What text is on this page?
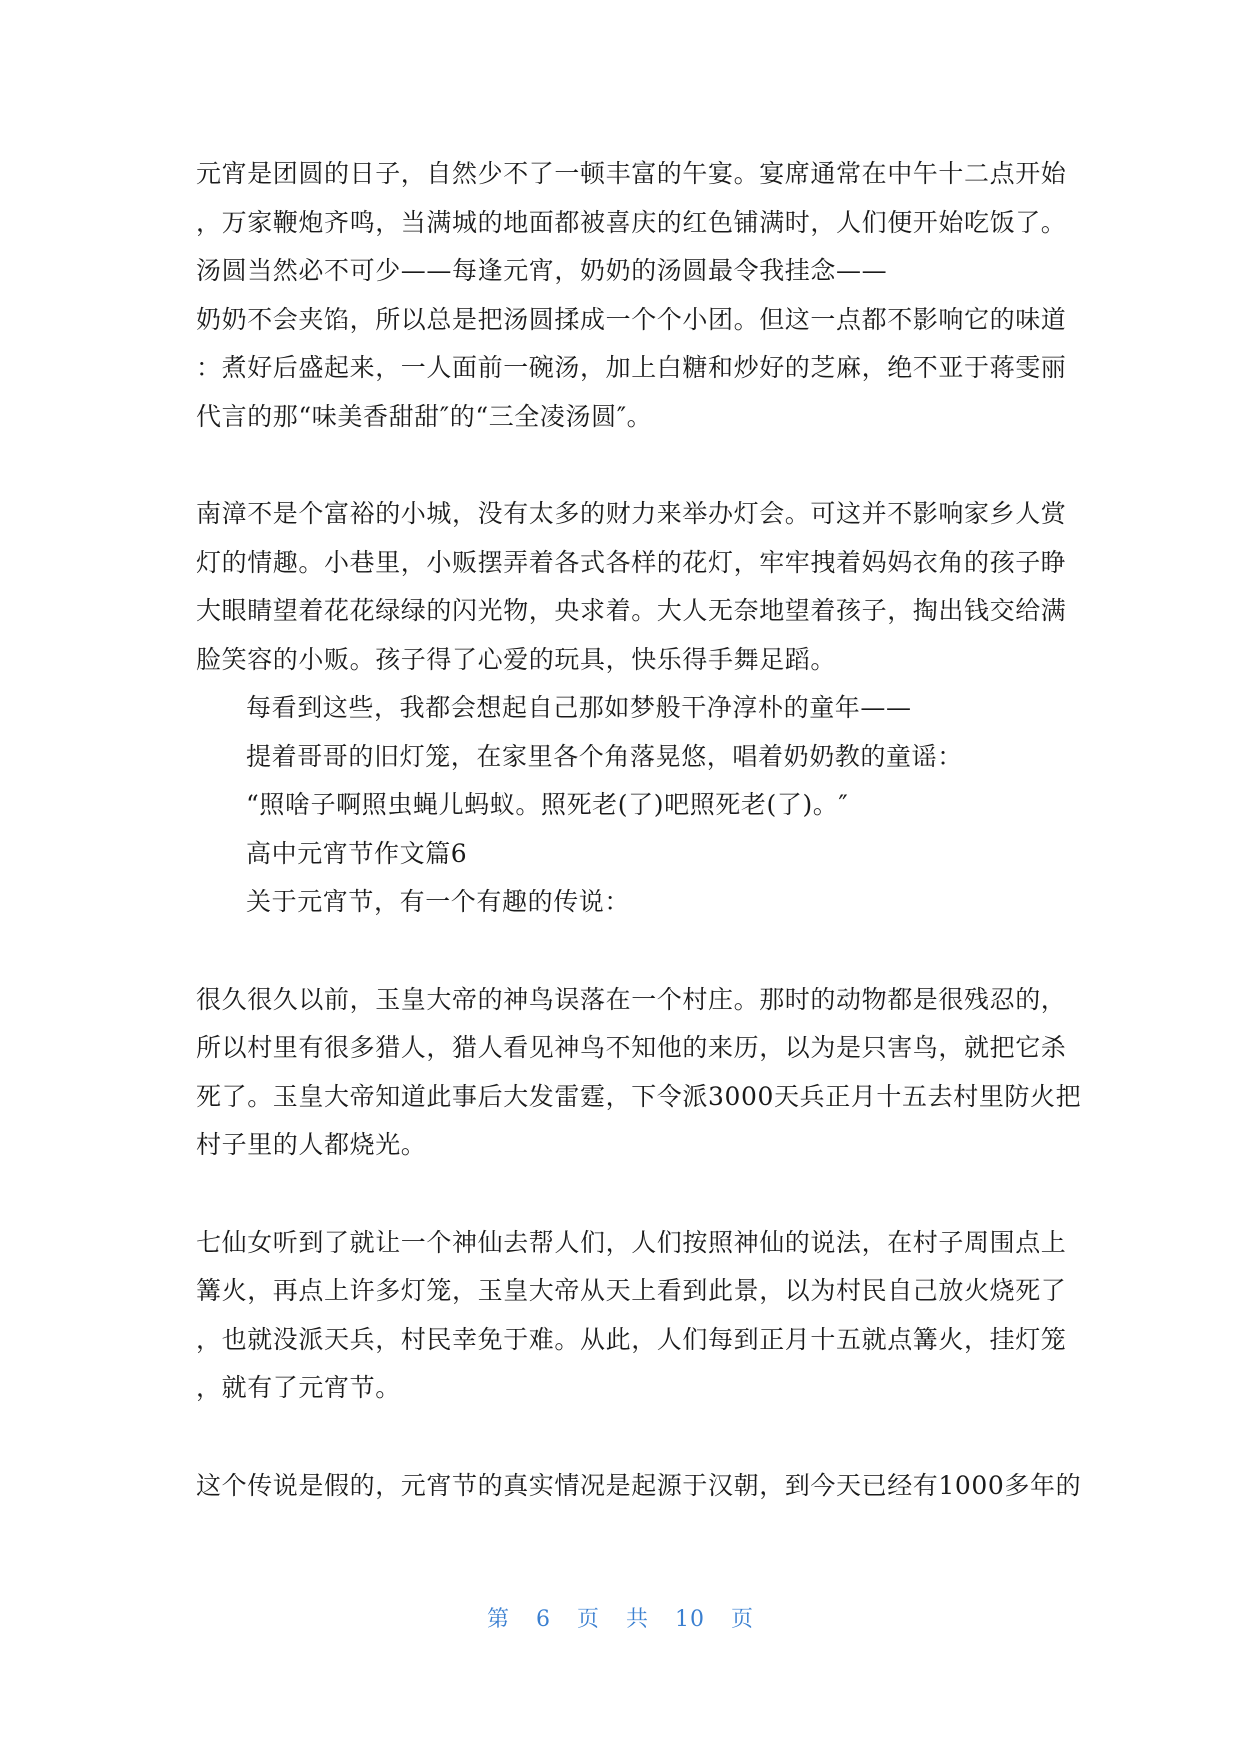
元宵是团圆的日子，自然少不了一顿丰富的午宴。宴席通常在中午十二点开始
，万家鞭炮齐鸣，当满城的地面都被喜庆的红色铺满时，人们便开始吃饭了。
汤圆当然必不可少——每逢元宵，奶奶的汤圆最令我挂念——
奶奶不会夹馅，所以总是把汤圆揉成一个个小团。但这一点都不影响它的味道
：煮好后盛起来，一人面前一碗汤，加上白糖和炒好的芝麻，绝不亚于蒋雯丽
代言的那“味美香甜甜″的“三全凌汤圆″。
南漳不是个富裕的小城，没有太多的财力来举办灯会。可这并不影响家乡人赏
灯的情趣。小巷里，小贩摆弄着各式各样的花灯，牢牢拽着妈妈衣角的孩子睁
大眼睛望着花花绿绿的闪光物，央求着。大人无奈地望着孩子，掏出钱交给满
脸笑容的小贩。孩子得了心爱的玩具，快乐得手舞足蹈。
每看到这些，我都会想起自己那如梦般干净淳朴的童年——
提着哥哥的旧灯笼，在家里各个角落晃悠，唱着奶奶教的童谣：
“照啥子啊照虫蝇儿蚂蚁。照死老(了)吧照死老(了)。″
高中元宵节作文篇6
关于元宵节，有一个有趣的传说：
很久很久以前，玉皇大帝的神鸟误落在一个村庄。那时的动物都是很残忍的，
所以村里有很多猎人，猎人看见神鸟不知他的来历，以为是只害鸟，就把它杀
死了。玉皇大帝知道此事后大发雷霆，下令派3000天兵正月十五去村里防火把
村子里的人都烧光。
七仙女听到了就让一个神仙去帮人们，人们按照神仙的说法，在村子周围点上
篝火，再点上许多灯笼，玉皇大帝从天上看到此景，以为村民自己放火烧死了
，也就没派天兵，村民幸免于难。从此，人们每到正月十五就点篝火，挂灯笼
，就有了元宵节。
这个传说是假的，元宵节的真实情况是起源于汉朝，到今天已经有1000多年的
第 6 页 共 10 页
